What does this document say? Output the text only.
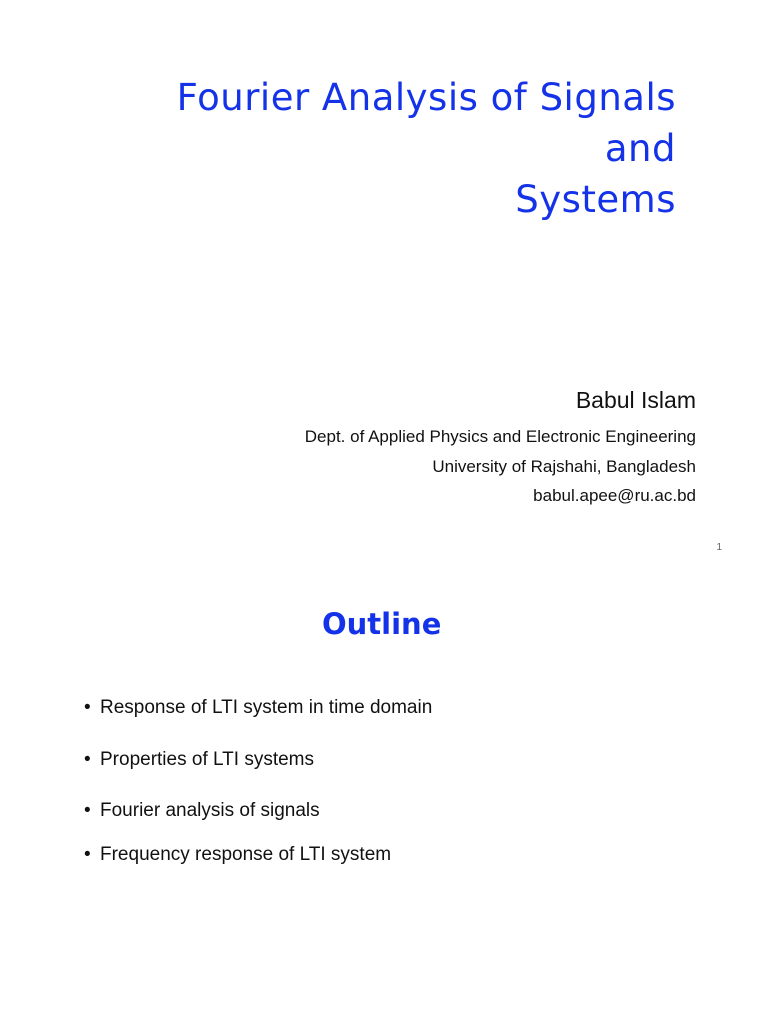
Fourier Analysis of Signals
and
Systems
Babul Islam
Dept. of Applied Physics and Electronic Engineering
University of Rajshahi, Bangladesh
babul.apee@ru.ac.bd
1
Outline
• Response of LTI system in time domain
• Properties of LTI systems
• Fourier analysis of signals
• Frequency response of LTI system
